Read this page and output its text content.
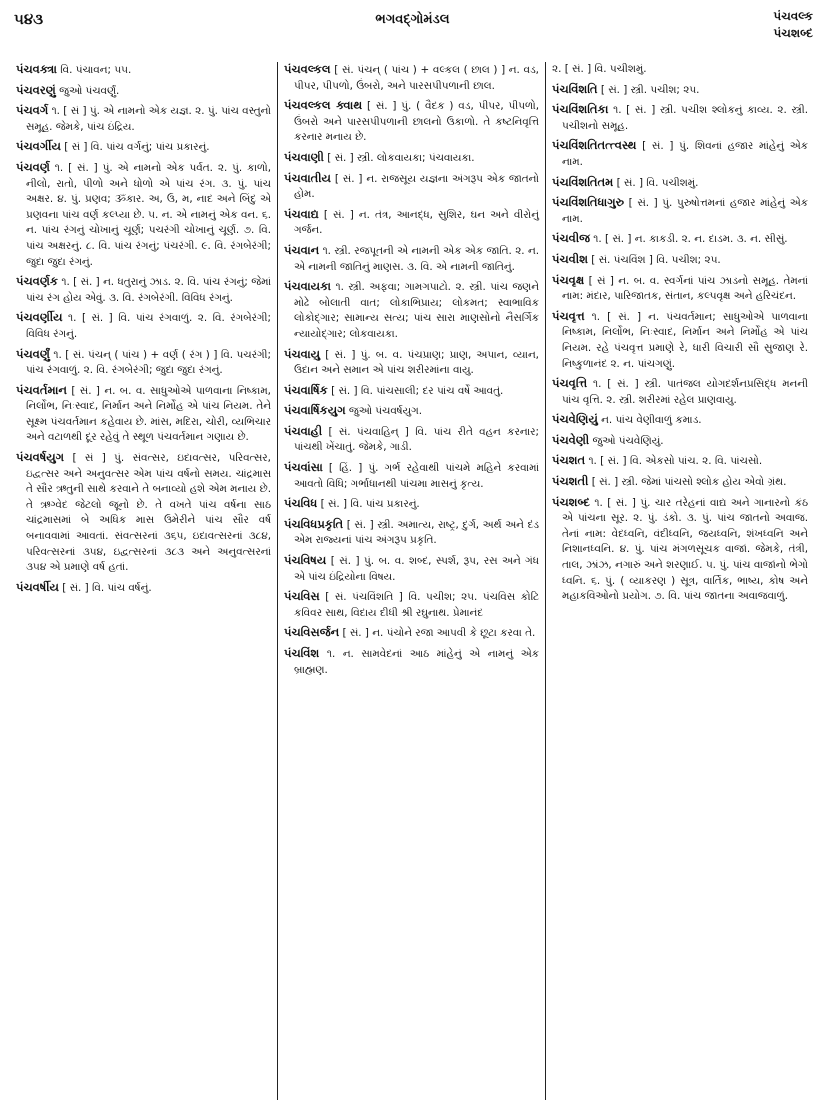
૫૪૩	ભગવદ્ગોમંડલ	પંચવલ્ક
પંચશબ્દ

પંચવક્ત્રા વિ. પંચાવન; ૫૫.

પંચવરણું જુઓ પંચવર્ણું.

પંચવર્ગ ૧. [ સં ] પું. એ નામનો એક યજ્ઞ. ૨. પું. પાંચ વસ્તુનો સમૂહ. જેમકે, પાંચ ઇંદ્રિય.

પંચવર્ગીય [ સં ] વિ. પાંચ વર્ગનું; પાંચ પ્રકારનું.

પંચવર્ણ ૧. [ સં. ] પું. એ નામનો એક પર્વત. ૨. પું. કાળો, નીલો, રાતો, પીળો અને ધોળો એ પાંચ રંગ. ૩. પું. પાંચ અક્ષર. ૪. પું. પ્રણવ; ૐકાર. અ, ઉ, મ, નાદ અને બિંદુ એ પ્રણવના પાંચ વર્ણ કલ્પ્યા છે. ૫. ન. એ નામનું એક વન. ૬. ન. પાંચ રંગનું ચોખાનું ચૂર્ણ; પચરંગી ચોખાનું ચૂર્ણ. ૭. વિ. પાંચ અક્ષરનું. ૮. વિ. પાંચ રંગનું; પંચરંગી. ૯. વિ. રંગબેરંગી; જુદા જુદા રંગનું.

પંચવર્ણક ૧. [ સં. ] ન. ધતુરાનું ઝાડ. ૨. વિ. પાંચ રંગનું; જેમાં પાંચ રંગ હોય એવું. ૩. વિ. રંગબેરંગી. વિવિધ રંગનું.

પંચવર્ણીય ૧. [ સં. ] વિ. પાંચ રંગવાળું. ૨. વિ. રંગબેરંગી; વિવિધ રંગનું.

પંચવર્ણું ૧. [ સં. પંચન્ ( પાંચ ) + વર્ણ ( રંગ ) ] વિ. પચરંગી; પાંચ રંગવાળું. ૨. વિ. રંગબેરંગી; જુદા જુદા રંગનું.

પંચવર્તમાન [ સં. ] ન. બ. વ. સાધુઓએ પાળવાના નિષ્કામ, નિર્લોભ, નિઃસ્વાદ, નિર્માન અને નિર્મોહ એ પાંચ નિયમ. તેને સૂક્ષ્મ પંચવર્તમાન કહેવાય છે. માંસ, મદિરા, ચોરી, વ્યભિચાર અને વટાળથી દૂર રહેવું તે સ્થૂળ પંચવર્તમાન ગણાય છે.

પંચવર્ષયુગ [ સં ] પું. સંવત્સર, ઇદાવત્સર, પરિવત્સર, ઇદ્વત્સર અને અનુવત્સર એમ પાંચ વર્ષનો સમય. ચાંદ્રમાસ તે સૌર ઋતુની સાથે કરવાને તે બનાવ્યો હશે એમ મનાય છે. તે ઋગ્વેદ જેટલો જૂનો છે. તે વખતે પાંચ વર્ષના સાઠ ચાંદ્રમાસમાં બે અધિક માસ ઉમેરીને પાંચ સૌર વર્ષ બનાવવામાં આવતાં. સંવત્સરનાં ૩૬૫, ઇદાવત્સરનાં ૩૮૪, પરિવત્સરનાં ૩૫૪, ઇદ્વત્સરનાં ૩૮૩ અને અનુવત્સરનાં ૩૫૪ એ પ્રમાણે વર્ષ હતાં.

પંચવર્ષીય [ સં. ] વિ. પાંચ વર્ષનું.

પંચવલ્કલ [ સં. પંચન્ ( પાંચ ) + વલ્કલ ( છાલ ) ] ન. વડ, પીપર, પીપળો, ઉંબરો, અને પારસપીપળાની છાલ.

પંચવલ્કલ ક્વાથ [ સં. ] પું. ( વૈદક ) વડ, પીપર, પીપળો, ઉંબરો અને પારસપીપળાની છાલનો ઉકાળો. તે કષ્ટનિવૃત્તિ કરનાર મનાય છે.

પંચવાણી [ સં. ] સ્ત્રી. લોકવાયકા; પંચવાયકા.

પંચવાતીય [ સં. ] ન. રાજસૂય યજ્ઞના અંગરૂપ એક જાતનો હોમ.

પંચવાદ્ય [ સં. ] ન. તંત્ર, આનદ્ધ, સુશિર, ઘન અને વીરોનું ગર્જન.

પંચવાન ૧. સ્ત્રી. રજપૂતની એ નામની એક એક જાતિ. ૨. ન. એ નામની જાતિનું માણસ. ૩. વિ. એ નામની જાતિનું.

પંચવાયકા ૧. સ્ત્રી. અફવા; ગામગપાટો. ૨. સ્ત્રી. પાંચ જણને મોઢે બોલાતી વાત; લોકાભિપ્રાય; લોકમત; સ્વાભાવિક લોકોદ્ગાર; સામાન્ય સત્ય; પાંચ સારા માણસોનો નૈસર્ગિક ન્યાયોદ્ગાર; લોકવાયકા.

પંચવાયુ [ સં. ] પું. બ. વ. પંચપ્રાણ; પ્રાણ, અપાન, વ્યાન, ઉદાન અને સમાન એ પાંચ શરીરમાંના વાયુ.

પંચવાર્ષિક [ સં. ] વિ. પાંચસાલી; દર પાંચ વર્ષે આવતું.

પંચવાર્ષિકયુગ જુઓ પંચવર્ષયુગ.

પંચવાહી [ સં. પંચવાહિન્ ] વિ. પાંચ રીતે વહન કરનાર; પાંચથી ખેંચાતું. જેમકે, ગાડી.

પંચવાંસા [ હિં. ] પું. ગર્ભ રહેવાથી પાંચમે મહિને કરવામાં આવતો વિધિ; ગર્ભાધાનથી પાંચમા માસનું કૃત્ય.

પંચવિધ [ સં. ] વિ. પાંચ પ્રકારનું.

પંચવિધપ્રકૃતિ [ સં. ] સ્ત્રી. અમાત્ય, રાષ્ટ્ર, દુર્ગ, અર્થ અને દંડ એમ રાજ્યનાં પાંચ અંગરૂપ પ્રકૃતિ.

પંચવિષય [ સં. ] પું. બ. વ. શબ્દ, સ્પર્શ, રૂપ, રસ અને ગંધ એ પાંચ ઇંદ્રિયોના વિષય.

પંચવિસ [ સં. પંચવિંશતિ ] વિ. પચીશ; ૨૫. પંચવિસ કોટિ કવિવર સાથ, વિદાય દીધી શ્રી રઘુનાથ. પ્રેમાનંદ

પંચવિસર્જન [ સં. ] ન. પંચોને રજા આપવી કે છૂટા કરવા તે.

પંચવિંશ ૧. ન. સામવેદનાં આઠ માંહેનું એ નામનું એક બ્રાહ્મણ.

૨. [ સં. ] વિ. પચીશમું.

પંચવિંશતિ [ સં. ] સ્ત્રી. પચીશ; ૨૫.

પંચવિંશતિકા ૧. [ સં. ] સ્ત્રી. પચીશ શ્લોકનું કાવ્ય. ૨. સ્ત્રી. પચીશનો સમૂહ.

પંચવિંશતિતત્ત્વસ્થ [ સં. ] પું. શિવનાં હજાર માંહેનું એક નામ.

પંચવિંશતિતમ [ સં. ] વિ. પચીશમું.

પંચવિંશતિધાગુરુ [ સં. ] પું. પુરુષોત્તમનાં હજાર માંહેનું એક નામ.

પંચવીજ ૧. [ સં. ] ન. કાકડી. ૨. ન. દાડમ. ૩. ન. સીસું.

પંચવીશ [ સં. પંચવિંશ ] વિ. પચીશ; ૨૫.

પંચવૃક્ષ [ સં ] ન. બ. વ. સ્વર્ગનાં પાંચ ઝાડનો સમૂહ. તેમનાં નામ: મંદાર, પારિજાતક, સંતાન, કલ્પવૃક્ષ અને હરિચંદન.

પંચવૃત્ત ૧. [ સં. ] ન. પંચવર્તમાન; સાધુઓએ પાળવાના નિષ્કામ, નિર્લોભ, નિઃસ્વાદ, નિર્માન અને નિર્મોહ એ પાંચ નિયમ. રહે પંચવૃત્ત પ્રમાણે રે, ધારી વિચારી સૌ સુજાણ રે. નિષ્કુળાનંદ ૨. ન. પાંચગણું.

પંચવૃત્તિ ૧. [ સં. ] સ્ત્રી. પાતંજલ યોગદર્શનપ્રસિદ્ધ મનની પાંચ વૃત્તિ. ૨. સ્ત્રી. શરીરમાં રહેલ પ્રાણવાયુ.

પંચવેણિયું ન. પાંચ વેણીવાળું કમાડ.

પંચવેણી જુઓ પંચવેણિયું.

પંચશત ૧. [ સં. ] વિ. એકસો પાંચ. ૨. વિ. પાંચસો.

પંચશતી [ સં. ] સ્ત્રી. જેમાં પાંચસો શ્લોક હોય એવો ગ્રંથ.

પંચશબ્દ ૧. [ સં. ] પું. ચાર તરેહનાં વાદ્ય અને ગાનારનો કંઠ એ પાંચના સૂર. ૨. પું. ડંકો. ૩. પું. પાંચ જાતનો અવાજ. તેનાં નામ: વેદધ્વનિ, વંદીધ્વનિ, જયધ્વનિ, શંખધ્વનિ અને નિશાનધ્વનિ. ૪. પું. પાંચ મંગળસૂચક વાજાં. જેમકે, તંત્રી, તાલ, ઝાંઝ, નગારું અને શરણાઈ. ૫. પું. પાંચ વાજાંનો ભેગો ધ્વનિ. ૬. પું. ( વ્યાકરણ ) સૂત્ર, વાર્તિક, ભાષ્ય, કોષ અને મહાકવિઓનો પ્રયોગ. ૭. વિ. પાંચ જાતના અવાજવાળું.
